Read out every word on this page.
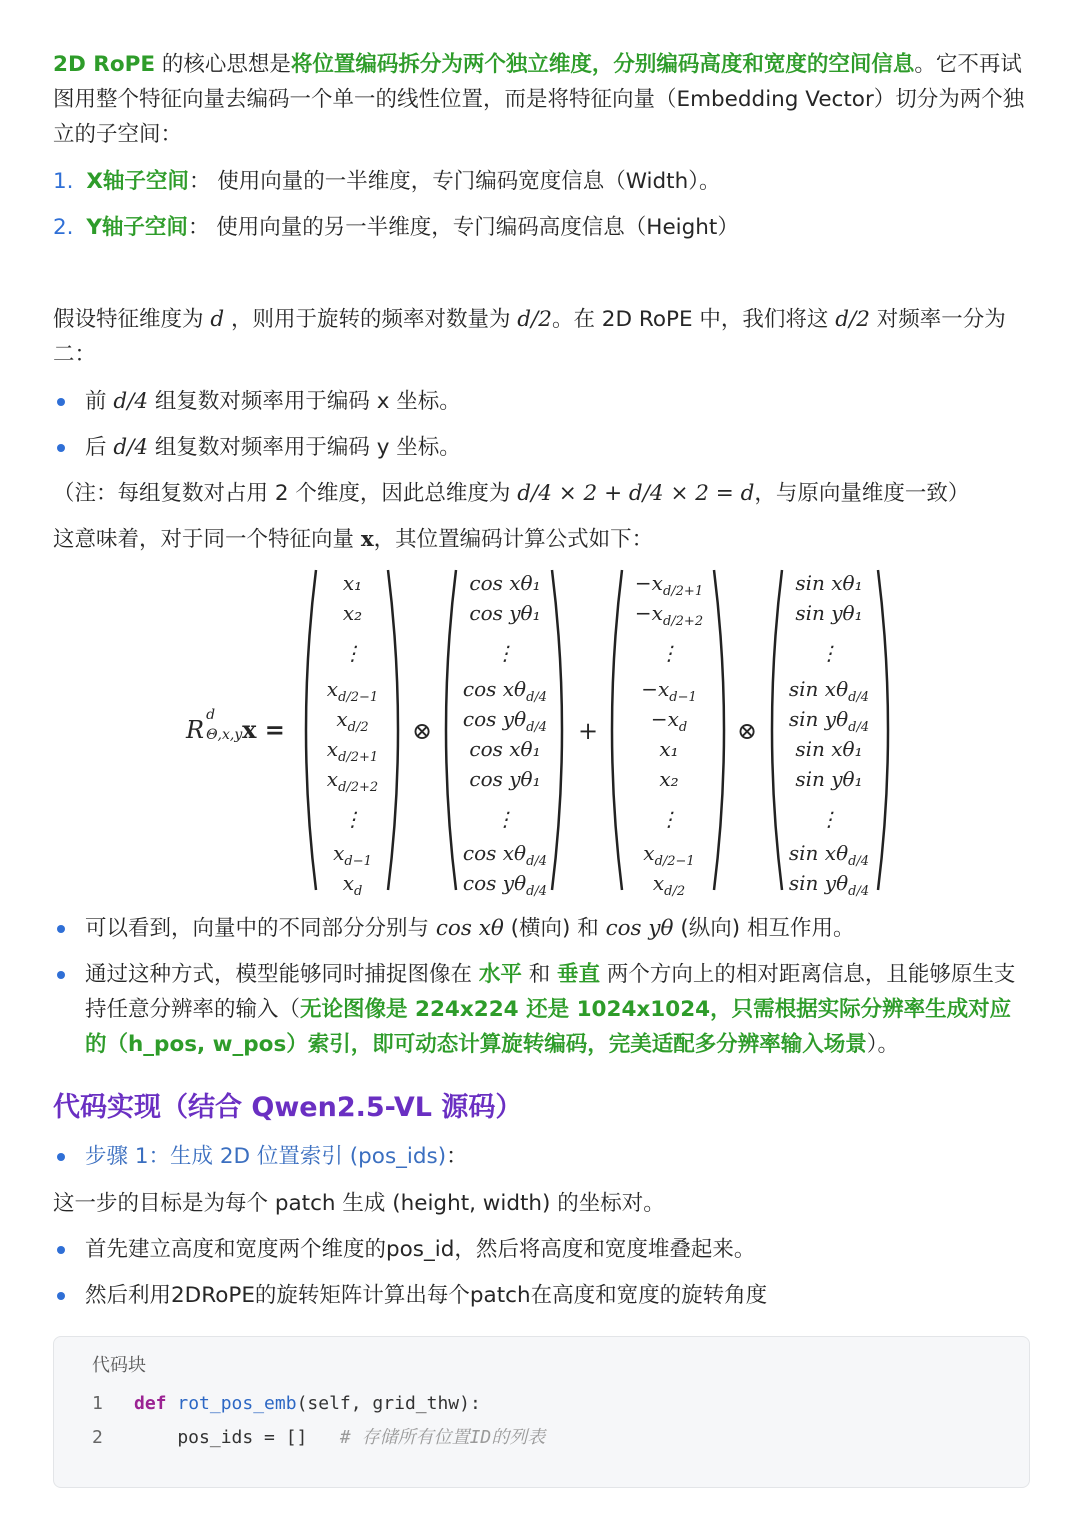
2D RoPE 的核心思想是将位置编码拆分为两个独立维度，分别编码高度和宽度的空间信息。它不再试图用整个特征向量去编码一个单一的线性位置，而是将特征向量（Embedding Vector）切分为两个独立的子空间：

1. X轴子空间： 使用向量的一半维度，专门编码宽度信息（Width）。
2. Y轴子空间： 使用向量的另一半维度，专门编码高度信息（Height）

假设特征维度为 d ，则用于旋转的频率对数量为 d/2。在 2D RoPE 中，我们将这 d/2 对频率一分为二：

前 d/4 组复数对频率用于编码 x 坐标。
后 d/4 组复数对频率用于编码 y 坐标。
（注：每组复数对占用 2 个维度，因此总维度为 d/4 × 2 + d/4 × 2 = d，与原向量维度一致）
这意味着，对于同一个特征向量 x，其位置编码计算公式如下：
R
d
Θ,x,y x =
x₁
x₂
⋮
$x_{d/2-1}$
$x_{d/2}$
$x_{d/2+1}$
$x_{d/2+2}$
⋮
$x_{d-1}$
$x_d$
⊗
cos xθ₁
cos yθ₁
⋮
$\cos x\theta_{d/4}$
$\cos y\theta_{d/4}$
cos xθ₁
cos yθ₁
⋮
$\cos x\theta_{d/4}$
$\cos y\theta_{d/4}$
+
$-x_{d/2+1}$
$-x_{d/2+2}$
⋮
$-x_{d-1}$
$-x_d$
x₁
x₂
⋮
$x_{d/2-1}$
$x_{d/2}$
⊗
sin xθ₁
sin yθ₁
⋮
$\sin x\theta_{d/4}$
$\sin y\theta_{d/4}$
sin xθ₁
sin yθ₁
⋮
$\sin x\theta_{d/4}$
$\sin y\theta_{d/4}$
可以看到，向量中的不同部分分别与 cos xθ (横向) 和 cos yθ (纵向) 相互作用。
通过这种方式，模型能够同时捕捉图像在 水平 和 垂直 两个方向上的相对距离信息，且能够原生支持任意分辨率的输入（无论图像是 224x224 还是 1024x1024，只需根据实际分辨率生成对应的（h_pos, w_pos）索引，即可动态计算旋转编码，完美适配多分辨率输入场景）。
代码实现（结合 Qwen2.5-VL 源码）
步骤 1：生成 2D 位置索引 (pos_ids)：
这一步的目标是为每个 patch 生成 (height, width) 的坐标对。
首先建立高度和宽度两个维度的pos_id，然后将高度和宽度堆叠起来。
然后利用2DRoPE的旋转矩阵计算出每个patch在高度和宽度的旋转角度
代码块
1 def rot_pos_emb(self, grid_thw):
2    pos_ids = [] # 存储所有位置ID的列表
